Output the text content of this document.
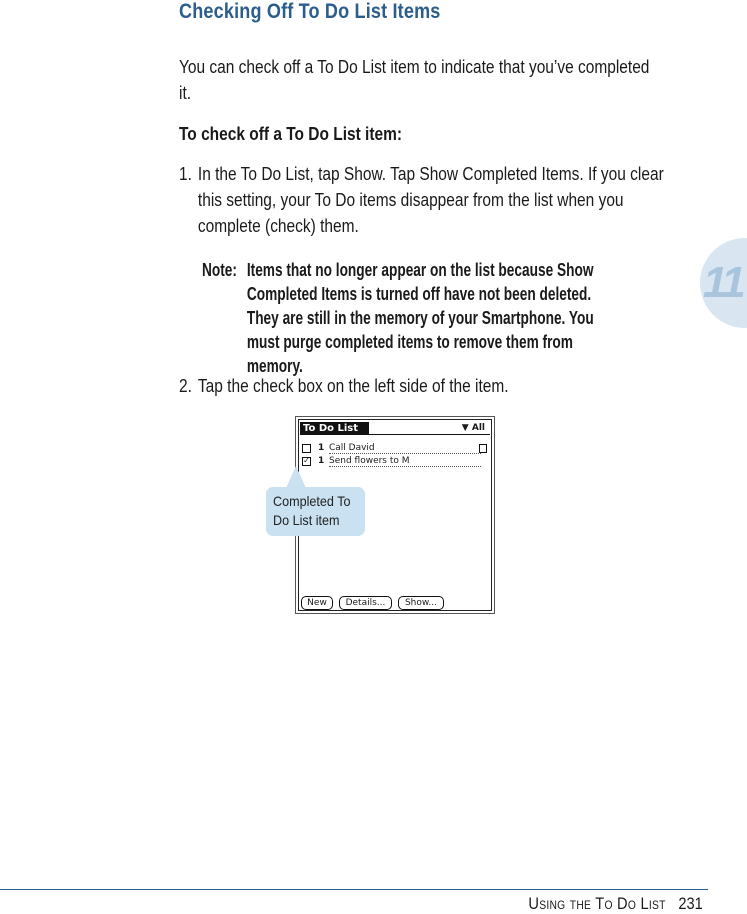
Checking Off To Do List Items
You can check off a To Do List item to indicate that you’ve completed it.
To check off a To Do List item:
1. In the To Do List, tap Show. Tap Show Completed Items. If you clear this setting, your To Do items disappear from the list when you complete (check) them.
Note: Items that no longer appear on the list because Show Completed Items is turned off have not been deleted. They are still in the memory of your Smartphone. You must purge completed items to remove them from memory.
11
2. Tap the check box on the left side of the item.
To Do List	▼ All
1 Call David
✓ 1 Send flowers to M
New	Details...	Show...
Completed To
Do List item
Using the To Do List 231
